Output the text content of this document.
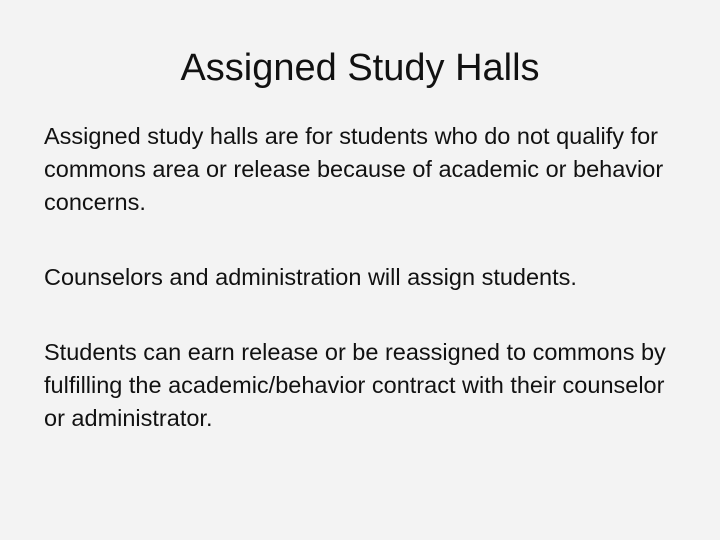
Assigned Study Halls

Assigned study halls are for students who do not qualify for commons area or release because of academic or behavior concerns.

Counselors and administration will assign students.

Students can earn release or be reassigned to commons by fulfilling the academic/behavior contract with their counselor or administrator.
